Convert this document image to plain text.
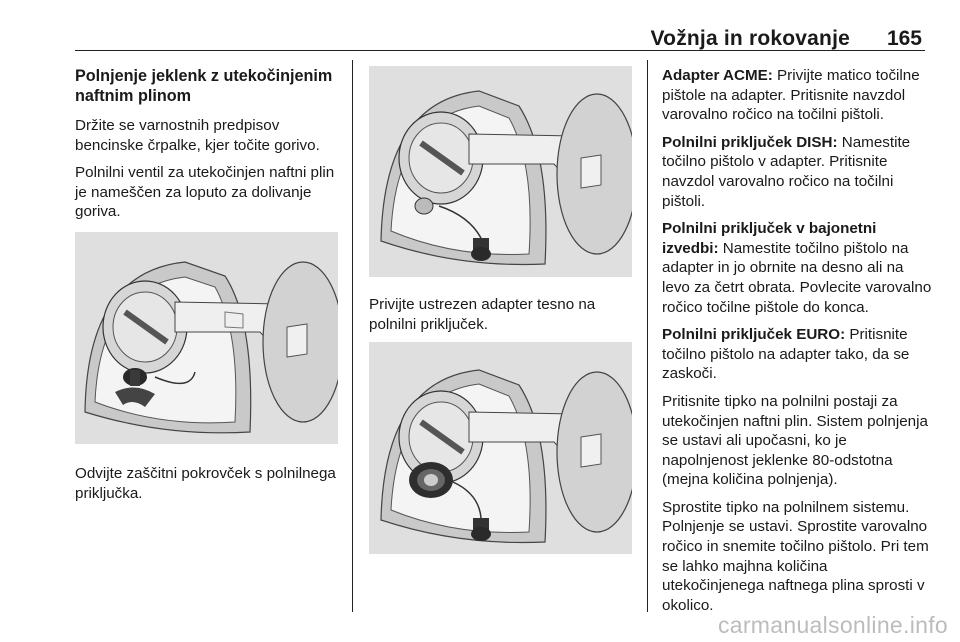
Vožnja in rokovanje	165
Polnjenje jeklenk z utekočinjenim naftnim plinom

Držite se varnostnih predpisov bencinske črpalke, kjer točite gorivo.

Polnilni ventil za utekočinjen naftni plin je nameščen za loputo za dolivanje goriva.

Odvijte zaščitni pokrovček s polnilnega priključka.

Privijte ustrezen adapter tesno na polnilni priključek.

Adapter ACME: Privijte matico točilne pištole na adapter. Pritisnite navzdol varovalno ročico na točilni pištoli.

Polnilni priključek DISH: Namestite točilno pištolo v adapter. Pritisnite navzdol varovalno ročico na točilni pištoli.

Polnilni priključek v bajonetni izvedbi: Namestite točilno pištolo na adapter in jo obrnite na desno ali na levo za četrt obrata. Povlecite varovalno ročico točilne pištole do konca.

Polnilni priključek EURO: Pritisnite točilno pištolo na adapter tako, da se zaskoči.

Pritisnite tipko na polnilni postaji za utekočinjen naftni plin. Sistem polnjenja se ustavi ali upočasni, ko je napolnjenost jeklenke 80-odstotna (mejna količina polnjenja).

Sprostite tipko na polnilnem sistemu. Polnjenje se ustavi. Sprostite varovalno ročico in snemite točilno pištolo. Pri tem se lahko majhna količina utekočinjenega naftnega plina sprosti v okolico.

carmanualsonline.info
